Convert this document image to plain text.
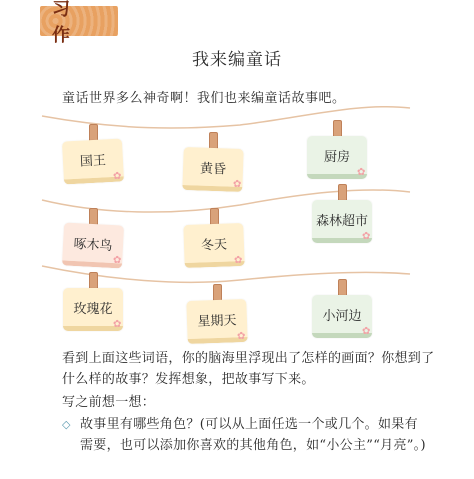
习 作
我来编童话
童话世界多么神奇啊！我们也来编童话故事吧。
国王
✿	黄昏
✿
厨房
✿
啄木鸟
✿
冬天
✿
森林超市
✿
玫瑰花
✿	星期天
✿
小河边
✿
看到上面这些词语，你的脑海里浮现出了怎样的画面？你想到了什么样的故事？发挥想象，把故事写下来。
写之前想一想：
◇ 故事里有哪些角色？(可以从上面任选一个或几个。如果有需要，也可以添加你喜欢的其他角色，如“小公主”“月亮”。)
